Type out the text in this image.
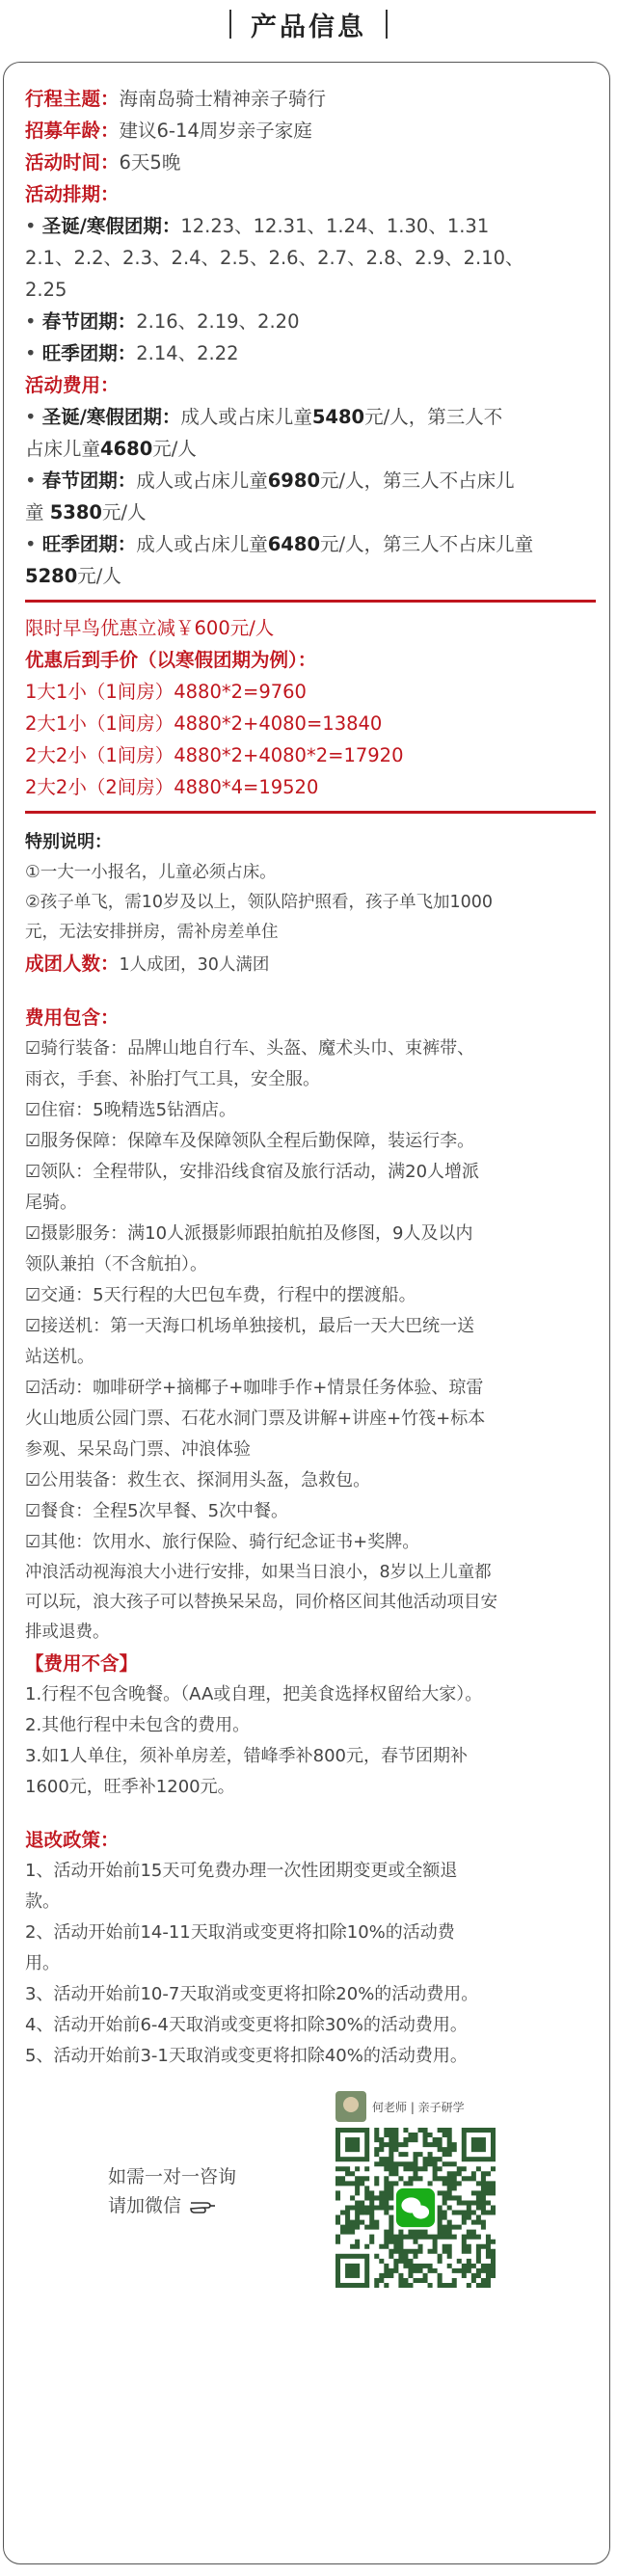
产品信息
行程主题：海南岛骑士精神亲子骑行
招募年龄：建议6-14周岁亲子家庭
活动时间：6天5晚
活动排期：
• 圣诞/寒假团期：12.23、12.31、1.24、1.30、1.31
2.1、2.2、2.3、2.4、2.5、2.6、2.7、2.8、2.9、2.10、
2.25
• 春节团期：2.16、2.19、2.20
• 旺季团期：2.14、2.22
活动费用：
• 圣诞/寒假团期：成人或占床儿童5480元/人，第三人不
占床儿童4680元/人
• 春节团期：成人或占床儿童6980元/人，第三人不占床儿
童 5380元/人
• 旺季团期：成人或占床儿童6480元/人，第三人不占床儿童
5280元/人
限时早鸟优惠立减￥600元/人
优惠后到手价（以寒假团期为例）：
1大1小（1间房）4880*2=9760
2大1小（1间房）4880*2+4080=13840
2大2小（1间房）4880*2+4080*2=17920
2大2小（2间房）4880*4=19520
特别说明：
①一大一小报名，儿童必须占床。
②孩子单飞，需10岁及以上，领队陪护照看，孩子单飞加1000
元，无法安排拼房，需补房差单住
成团人数：1人成团，30人满团
费用包含：
☑骑行装备：品牌山地自行车、头盔、魔术头巾、束裤带、
雨衣，手套、补胎打气工具，安全服。
☑住宿：5晚精选5钻酒店。
☑服务保障：保障车及保障领队全程后勤保障，装运行李。
☑领队：全程带队，安排沿线食宿及旅行活动，满20人增派
尾骑。
☑摄影服务：满10人派摄影师跟拍航拍及修图，9人及以内
领队兼拍（不含航拍）。
☑交通：5天行程的大巴包车费，行程中的摆渡船。
☑接送机：第一天海口机场单独接机，最后一天大巴统一送
站送机。
☑活动：咖啡研学+摘椰子+咖啡手作+情景任务体验、琼雷
火山地质公园门票、石花水洞门票及讲解+讲座+竹筏+标本
参观、呆呆岛门票、冲浪体验
☑公用装备：救生衣、探洞用头盔，急救包。
☑餐食：全程5次早餐、5次中餐。
☑其他：饮用水、旅行保险、骑行纪念证书+奖牌。
冲浪活动视海浪大小进行安排，如果当日浪小，8岁以上儿童都
可以玩，浪大孩子可以替换呆呆岛，同价格区间其他活动项目安
排或退费。
【费用不含】
1.行程不包含晚餐。（AA或自理，把美食选择权留给大家）。
2.其他行程中未包含的费用。
3.如1人单住，须补单房差，错峰季补800元，春节团期补
1600元，旺季补1200元。
退改政策：
1、活动开始前15天可免费办理一次性团期变更或全额退
款。
2、活动开始前14-11天取消或变更将扣除10%的活动费
用。
3、活动开始前10-7天取消或变更将扣除20%的活动费用。
4、活动开始前6-4天取消或变更将扣除30%的活动费用。
5、活动开始前3-1天取消或变更将扣除40%的活动费用。
如需一对一咨询
请加微信
何老师 | 亲子研学
